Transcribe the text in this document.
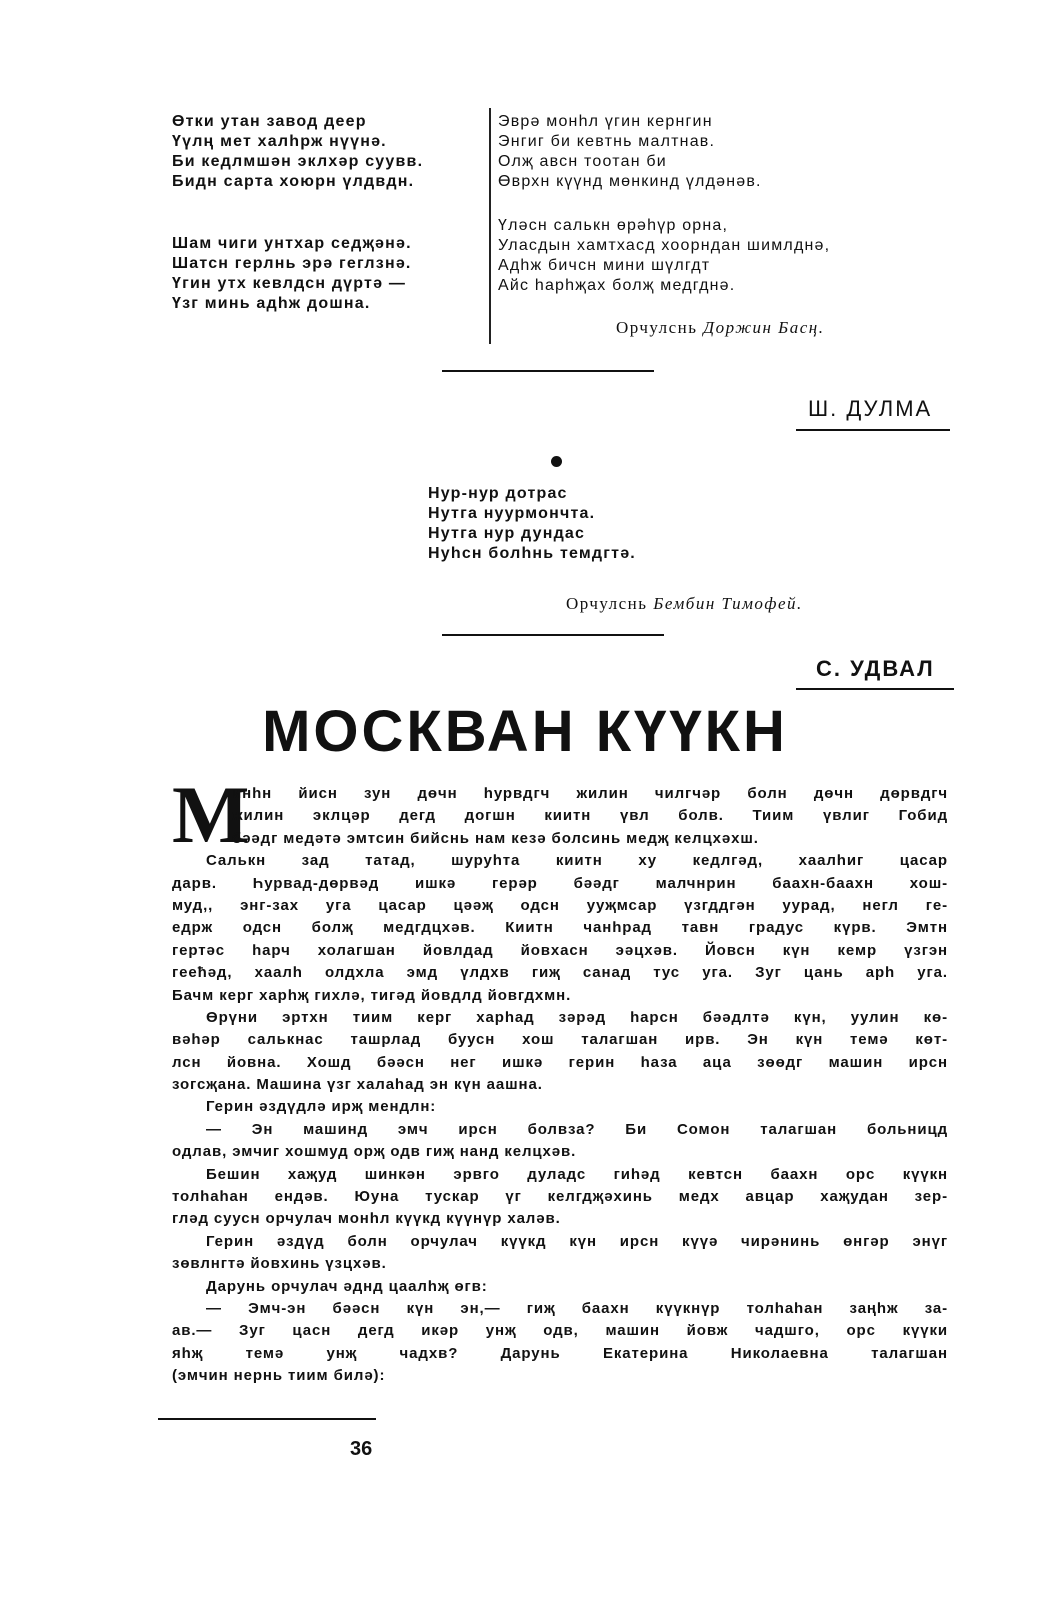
Өтки утан завод деер
Үүлң мет халһрж нүүнә.
Би кедлмшән эклхәр суувв.
Бидн сарта хоюрн үлдвдн.
Шам чиги унтхар седҗәнә.
Шатсн герлнь эрә геглзнә.
Үгин утх кевлдсн дүртә —
Үзг минь адһж дошна.
Эврә монһл үгин кернгин
Энгиг би кевтнь малтнав.
Олҗ авсн тоотан би
Өврхн күүнд мөнкинд үлдәнәв.
Үләсн салькн өрәһүр орна,
Уласдын хамтхасд хоорндан шимлднә,
Адһж бичсн мини шүлгдт
Айс һарһҗах болҗ медгднә.
Орчулснь Доржин Басң.
Ш. ДУЛМА
Нур-нур дотрас
Нутга нуурмончта.
Нутга нур дундас
Нуһсн болһнь темдгтә.
Орчулснь Бембин Тимофей.
С. УДВАЛ
МОСКВАН КҮҮКН
М
инһн йисн зун дөчн һурвдгч жилин чилгчәр болн дөчн дөрвдгч
жилин эклцәр дегд догшн киитн үвл болв. Тиим үвлиг Гобид
бәәдг медәтә эмтсин бийснь нам кезә болсинь медҗ келцхәхш.
Салькн зад татад, шуруһта киитн ху кедлгәд, хаалһиг цасар
дарв. Һурвад-дөрвәд ишкә герәр бәәдг малчнрин баахн-баахн хош-
муд,, энг-зах уга цасар цәәҗ одсн ууҗмсар үзгддгән уурад, негл ге-
едрж одсн болҗ медгдцхәв. Киитн чанһрад тавн градус күрв. Эмтн
гертәс һарч холагшан йовлдад йовхасн эәцхәв. Йовсн күн кемр үзгэн
геећәд, хаалһ олдхла эмд үлдхв гиҗ санад тус уга. Зуг цань арһ уга.
Бачм керг харһҗ гихлә, тигәд йовдлд йовгдхмн.
Өрүни эртхн тиим керг харһад зәрәд һарсн бәәдлтә күн, уулин кө-
вәһәр салькнас ташрлад буусн хош талагшан ирв. Эн күн темә көт-
лсн йовна. Хошд бәәсн нег ишкә герин һаза аца зөөдг машин ирсн
зогсҗана. Машина үзг халаһад эн күн аашна.
Герин әздүдлә ирҗ мендлн:
— Эн машинд эмч ирсн болвза? Би Сомон талагшан больницд
одлав, эмчиг хошмуд орҗ одв гиҗ нанд келцхәв.
Бешин хаҗуд шинкән эрвго дуладс гиһәд кевтсн баахн орс күүкн
толһаһан ендәв. Юуна тускар үг келгдҗәхинь медх авцар хаҗудан зер-
гләд суусн орчулач монһл күүкд күүнүр халәв.
Герин әздүд болн орчулач күүкд күн ирсн күүә чирәнинь өнгәр энүг
зөвлнгтә йовхинь үзцхәв.
Дарунь орчулач әднд цаалһҗ өгв:
— Эмч-эн бәәсн күн эн,— гиҗ баахн күүкнүр толһаһан заңһж за-
ав.— Зуг цасн дегд икәр унҗ одв, машин йовж чадшго, орс күүки
яһҗ темә унҗ чадхв? Дарунь Екатерина Николаевна талагшан
(эмчин нернь тиим билә):
36
